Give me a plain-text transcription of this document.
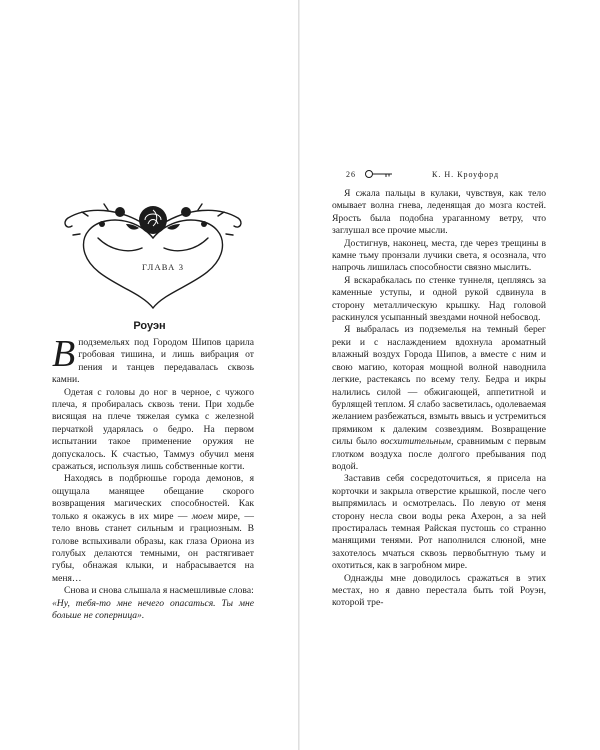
ГЛАВА 3
Роуэн

Вподземельях под Городом Шипов царила гробовая тишина, и лишь вибрация от пения и танцев передавалась сквозь камни.

Одетая с головы до ног в черное, с чужого плеча, я пробиралась сквозь тени. При ходьбе висящая на плече тяжелая сумка с железной перчаткой ударялась о бедро. На первом испытании такое применение оружия не допускалось. К счастью, Таммуз обучил меня сражаться, используя лишь собственные когти.

Находясь в подбрюшье города демонов, я ощущала манящее обещание скорого возвращения магических способностей. Как только я окажусь в их мире — моем мире, — тело вновь станет сильным и грациозным. В голове вспыхивали образы, как глаза Ориона из голубых делаются темными, он растягивает губы, обнажая клыки, и набрасывается на меня…

Снова и снова слышала я насмешливые слова:

«Ну, тебя-то мне нечего опасаться. Ты мне больше не соперница».

26	К. Н. Кроуфорд

Я сжала пальцы в кулаки, чувствуя, как тело омывает волна гнева, леденящая до мозга костей. Ярость была подобна ураганному ветру, что заглушал все прочие мысли.

Достигнув, наконец, места, где через трещины в камне тьму пронзали лучики света, я осознала, что напрочь лишилась способности связно мыслить.

Я вскарабкалась по стенке туннеля, цепляясь за каменные уступы, и одной рукой сдвинула в сторону металлическую крышку. Над головой раскинулся усыпанный звездами ночной небосвод.

Я выбралась из подземелья на темный берег реки и с наслаждением вдохнула ароматный влажный воздух Города Шипов, а вместе с ним и свою магию, которая мощной волной наводнила легкие, растекаясь по всему телу. Бедра и икры налились силой — обжигающей, аппетитной и бурлящей теплом. Я слабо засветилась, одолеваемая желанием разбежаться, взмыть ввысь и устремиться прямиком к далеким созвездиям. Возвращение силы было восхитительным, сравнимым с первым глотком воздуха после долгого пребывания под водой.

Заставив себя сосредоточиться, я присела на корточки и закрыла отверстие крышкой, после чего выпрямилась и осмотрелась. По левую от меня сторону несла свои воды река Ахерон, а за ней простиралась темная Райская пустошь со странно манящими тенями. Рот наполнился слюной, мне захотелось мчаться сквозь первобытную тьму и охотиться, как в загробном мире.

Однажды мне доводилось сражаться в этих местах, но я давно перестала быть той Роуэн, которой тре-
